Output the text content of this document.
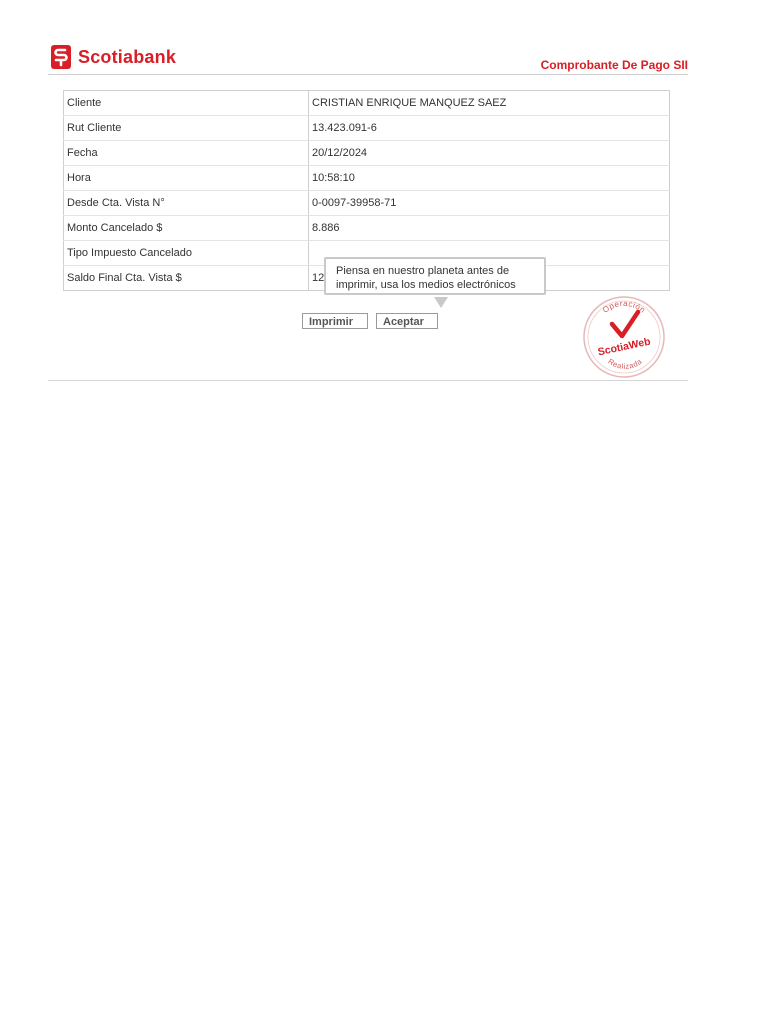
Scotiabank	Comprobante De Pago SII
Cliente	CRISTIAN ENRIQUE MANQUEZ SAEZ
Rut Cliente	13.423.091-6
Fecha	20/12/2024
Hora	10:58:10
Desde Cta. Vista N°	0-0097-39958-71
Monto Cancelado $	8.886
Tipo Impuesto Cancelado	
Saldo Final Cta. Vista $	12
Piensa en nuestro planeta antes de
imprimir, usa los medios electrónicos
Imprimir	Aceptar
Operación
ScotiaWeb
Realizada
